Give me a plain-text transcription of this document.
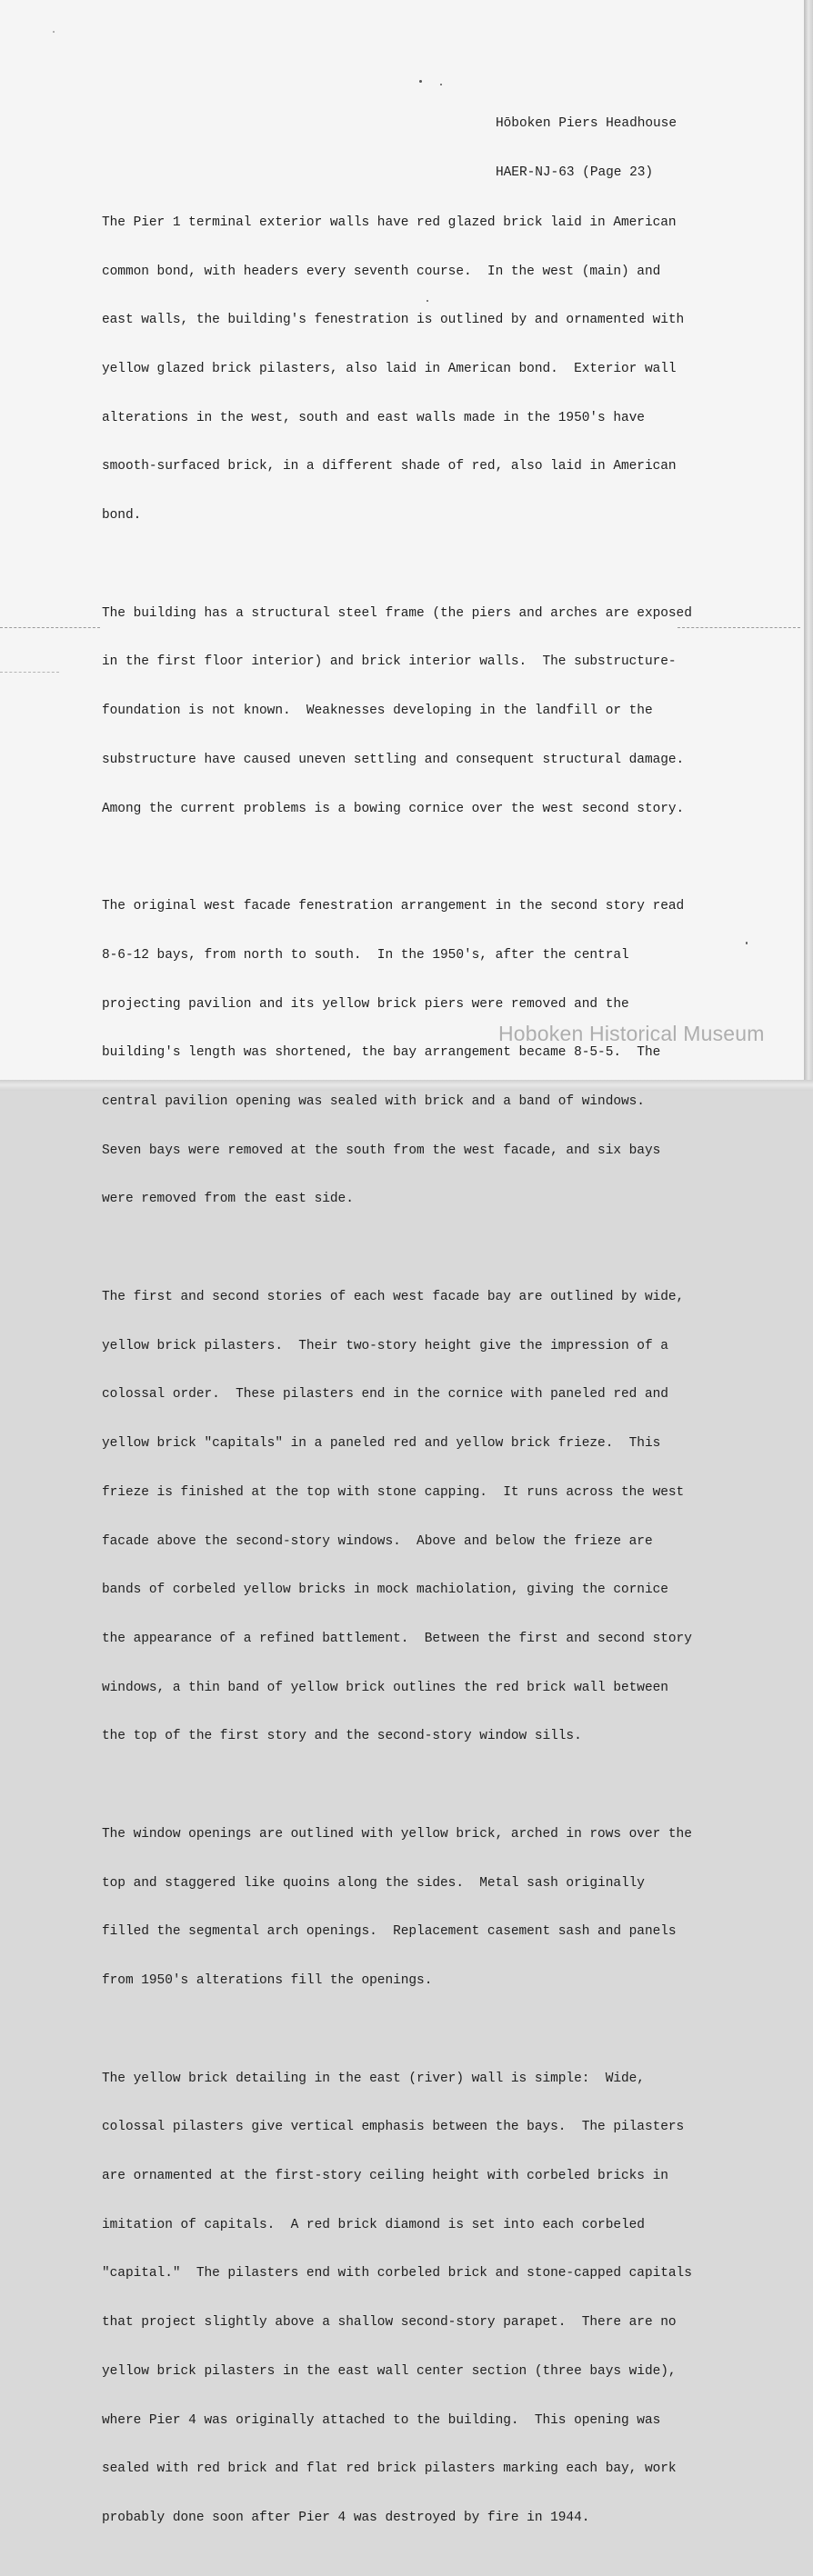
Hōboken Piers Headhouse

HAER-NJ-63 (Page 23)

The Pier 1 terminal exterior walls have red glazed brick laid in American

common bond, with headers every seventh course.  In the west (main) and

east walls, the building's fenestration is outlined by and ornamented with

yellow glazed brick pilasters, also laid in American bond.  Exterior wall

alterations in the west, south and east walls made in the 1950's have

smooth-surfaced brick, in a different shade of red, also laid in American

bond.

The building has a structural steel frame (the piers and arches are exposed

in the first floor interior) and brick interior walls.  The substructure-

foundation is not known.  Weaknesses developing in the landfill or the

substructure have caused uneven settling and consequent structural damage.

Among the current problems is a bowing cornice over the west second story.

The original west facade fenestration arrangement in the second story read

8-6-12 bays, from north to south.  In the 1950's, after the central

projecting pavilion and its yellow brick piers were removed and the

building's length was shortened, the bay arrangement became 8-5-5.  The

central pavilion opening was sealed with brick and a band of windows.

Seven bays were removed at the south from the west facade, and six bays

were removed from the east side.

The first and second stories of each west facade bay are outlined by wide,

yellow brick pilasters.  Their two-story height give the impression of a

colossal order.  These pilasters end in the cornice with paneled red and

yellow brick "capitals" in a paneled red and yellow brick frieze.  This

frieze is finished at the top with stone capping.  It runs across the west

facade above the second-story windows.  Above and below the frieze are

bands of corbeled yellow bricks in mock machiolation, giving the cornice

the appearance of a refined battlement.  Between the first and second story

windows, a thin band of yellow brick outlines the red brick wall between

the top of the first story and the second-story window sills.

The window openings are outlined with yellow brick, arched in rows over the

top and staggered like quoins along the sides.  Metal sash originally

filled the segmental arch openings.  Replacement casement sash and panels

from 1950's alterations fill the openings.

The yellow brick detailing in the east (river) wall is simple:  Wide,

colossal pilasters give vertical emphasis between the bays.  The pilasters

are ornamented at the first-story ceiling height with corbeled bricks in

imitation of capitals.  A red brick diamond is set into each corbeled

"capital."  The pilasters end with corbeled brick and stone-capped capitals

that project slightly above a shallow second-story parapet.  There are no

yellow brick pilasters in the east wall center section (three bays wide),

where Pier 4 was originally attached to the building.  This opening was

sealed with red brick and flat red brick pilasters marking each bay, work

probably done soon after Pier 4 was destroyed by fire in 1944.

Hoboken Historical Museum
